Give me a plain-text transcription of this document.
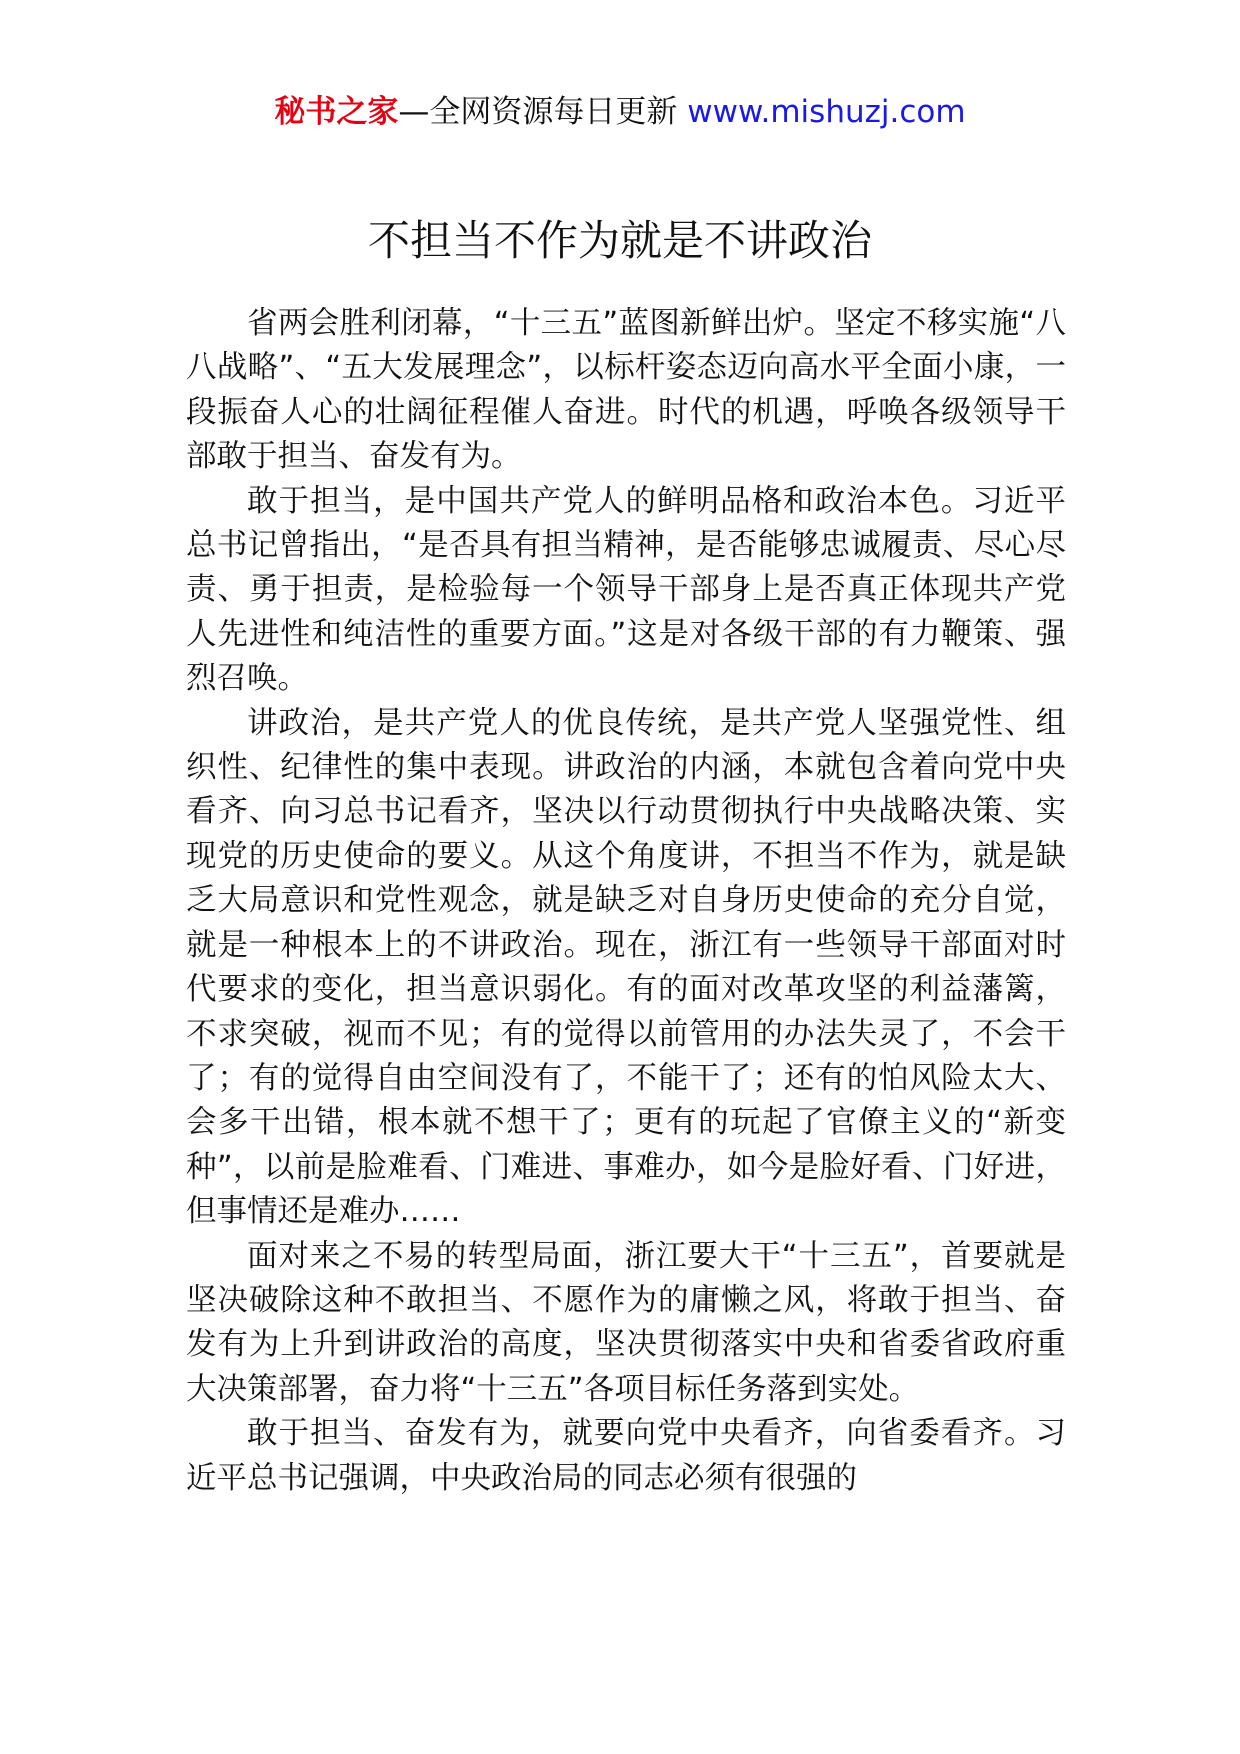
秘书之家—全网资源每日更新 www.mishuzj.com
不担当不作为就是不讲政治

省两会胜利闭幕，“十三五”蓝图新鲜出炉。坚定不移实施“八八战略”、“五大发展理念”，以标杆姿态迈向高水平全面小康，一段振奋人心的壮阔征程催人奋进。时代的机遇，呼唤各级领导干部敢于担当、奋发有为。

敢于担当，是中国共产党人的鲜明品格和政治本色。习近平总书记曾指出，“是否具有担当精神，是否能够忠诚履责、尽心尽责、勇于担责，是检验每一个领导干部身上是否真正体现共产党人先进性和纯洁性的重要方面。”这是对各级干部的有力鞭策、强烈召唤。

讲政治，是共产党人的优良传统，是共产党人坚强党性、组织性、纪律性的集中表现。讲政治的内涵，本就包含着向党中央看齐、向习总书记看齐，坚决以行动贯彻执行中央战略决策、实现党的历史使命的要义。从这个角度讲，不担当不作为，就是缺乏大局意识和党性观念，就是缺乏对自身历史使命的充分自觉，就是一种根本上的不讲政治。现在，浙江有一些领导干部面对时代要求的变化，担当意识弱化。有的面对改革攻坚的利益藩篱，不求突破，视而不见；有的觉得以前管用的办法失灵了，不会干了；有的觉得自由空间没有了，不能干了；还有的怕风险太大、会多干出错，根本就不想干了；更有的玩起了官僚主义的“新变种”，以前是脸难看、门难进、事难办，如今是脸好看、门好进，但事情还是难办……

面对来之不易的转型局面，浙江要大干“十三五”，首要就是坚决破除这种不敢担当、不愿作为的庸懒之风，将敢于担当、奋发有为上升到讲政治的高度，坚决贯彻落实中央和省委省政府重大决策部署，奋力将“十三五”各项目标任务落到实处。

敢于担当、奋发有为，就要向党中央看齐，向省委看齐。习近平总书记强调，中央政治局的同志必须有很强的
